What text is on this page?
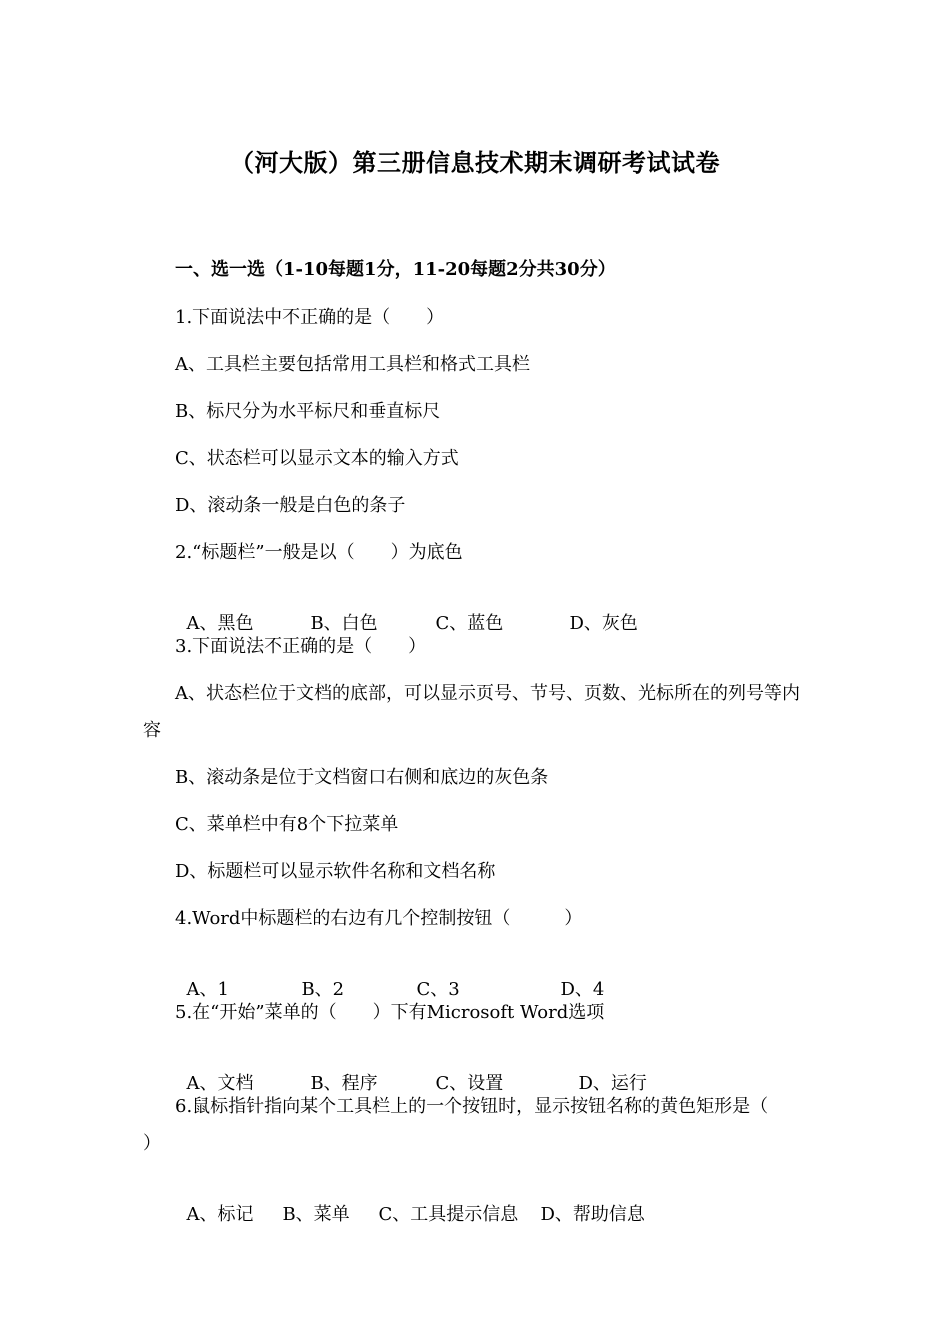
（河大版）第三册信息技术期末调研考试试卷
一、选一选（1-10每题1分，11-20每题2分共30分）
1.下面说法中不正确的是（　　）
A、工具栏主要包括常用工具栏和格式工具栏
B、标尺分为水平标尺和垂直标尺
C、状态栏可以显示文本的输入方式
D、滚动条一般是白色的条子
2.“标题栏”一般是以（　　）为底色

A、黑色	B、白色	C、蓝色	D、灰色

3.下面说法不正确的是（　　）
A、状态栏位于文档的底部，可以显示页号、节号、页数、光标所在的列号等内
容
B、滚动条是位于文档窗口右侧和底边的灰色条
C、菜单栏中有8个下拉菜单
D、标题栏可以显示软件名称和文档名称
4.Word中标题栏的右边有几个控制按钮（　　　）

A、1	B、2	C、3	D、4

5.在“开始”菜单的（　　）下有Microsoft Word选项

A、文档	B、程序	C、设置	D、运行

6.鼠标指针指向某个工具栏上的一个按钮时，显示按钮名称的黄色矩形是（
）

A、标记 B、菜单 C、工具提示信息 D、帮助信息
